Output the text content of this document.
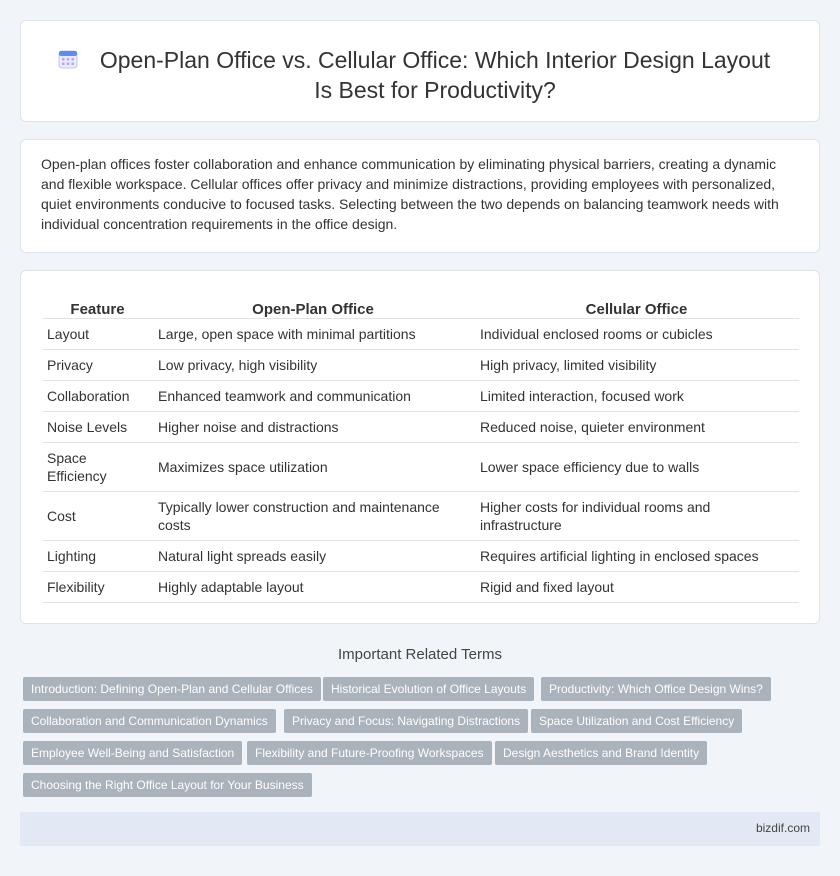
Open-Plan Office vs. Cellular Office: Which Interior Design Layout
Is Best for Productivity?

Open-plan offices foster collaboration and enhance communication by eliminating physical barriers, creating a dynamic and flexible workspace. Cellular offices offer privacy and minimize distractions, providing employees with personalized, quiet environments conducive to focused tasks. Selecting between the two depends on balancing teamwork needs with individual concentration requirements in the office design.

Feature	Open-Plan Office	Cellular Office
Layout	Large, open space with minimal partitions	Individual enclosed rooms or cubicles
Privacy	Low privacy, high visibility	High privacy, limited visibility
Collaboration	Enhanced teamwork and communication	Limited interaction, focused work
Noise Levels	Higher noise and distractions	Reduced noise, quieter environment
Space Efficiency	Maximizes space utilization	Lower space efficiency due to walls
Cost	Typically lower construction and maintenance costs	Higher costs for individual rooms and infrastructure
Lighting	Natural light spreads easily	Requires artificial lighting in enclosed spaces
Flexibility	Highly adaptable layout	Rigid and fixed layout
Important Related Terms
Introduction: Defining Open-Plan and Cellular Offices	Historical Evolution of Office Layouts	Productivity: Which Office Design Wins?
Collaboration and Communication Dynamics	Privacy and Focus: Navigating Distractions	Space Utilization and Cost Efficiency
Employee Well-Being and Satisfaction	Flexibility and Future-Proofing Workspaces	Design Aesthetics and Brand Identity
Choosing the Right Office Layout for Your Business
bizdif.com
